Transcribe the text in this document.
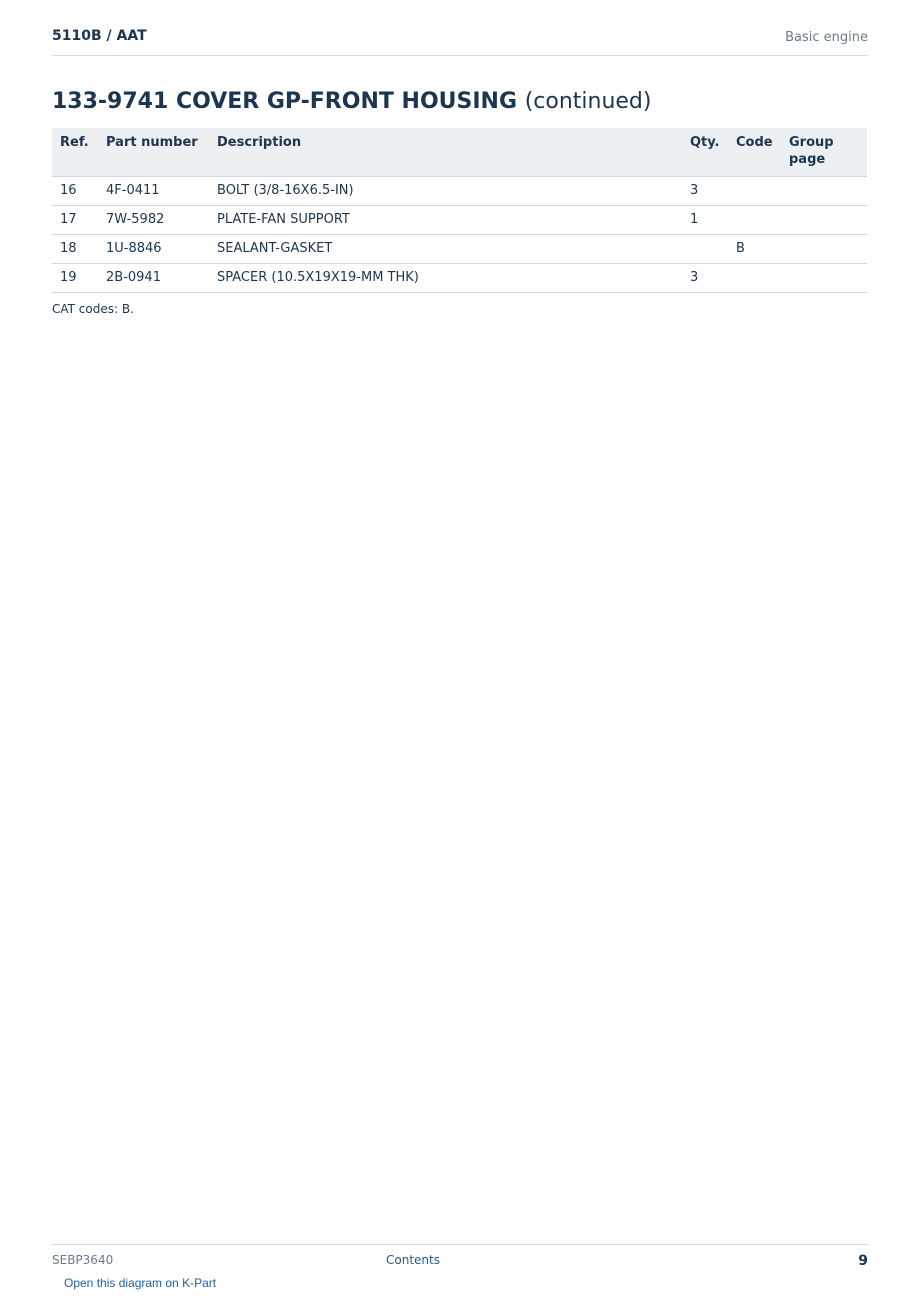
5110B / AAT	Basic engine
133-9741 COVER GP-FRONT HOUSING (continued)
Ref.	Part number	Description	Qty.	Code	Group page
16	4F-0411	BOLT (3/8-16X6.5-IN)	3		
17	7W-5982	PLATE-FAN SUPPORT	1		
18	1U-8846	SEALANT-GASKET		B	
19	2B-0941	SPACER (10.5X19X19-MM THK)	3		
CAT codes: B.
SEBP3640	Contents	9
Open this diagram on K-Part
